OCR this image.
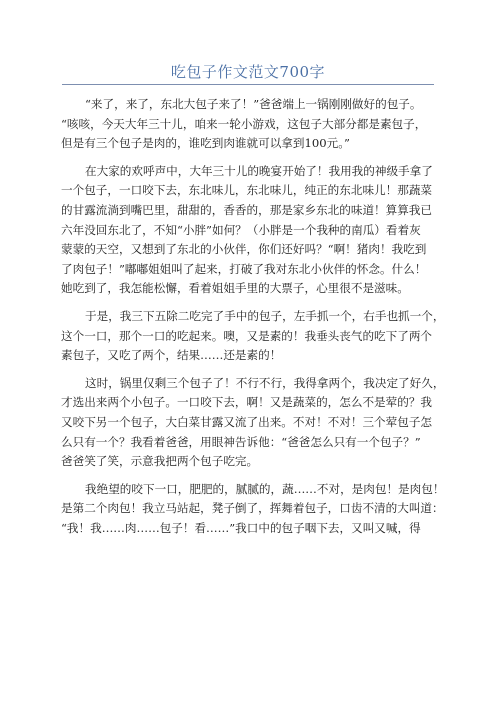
吃包子作文范文700字

“来了，来了，东北大包子来了！”爸爸端上一锅刚刚做好的包子。
“咳咳，今天大年三十儿，咱来一轮小游戏，这包子大部分都是素包子，
但是有三个包子是肉的，谁吃到肉谁就可以拿到100元。”

在大家的欢呼声中，大年三十儿的晚宴开始了！我用我的神级手拿了
一个包子，一口咬下去，东北味儿，东北味儿，纯正的东北味儿！那蔬菜
的甘露流淌到嘴巴里，甜甜的，香香的，那是家乡东北的味道！算算我已
六年没回东北了，不知“小胖”如何？（小胖是一个我种的南瓜）看着灰
蒙蒙的天空，又想到了东北的小伙伴，你们还好吗？“啊！猪肉！我吃到
了肉包子！”嘟嘟姐姐叫了起来，打破了我对东北小伙伴的怀念。什么！
她吃到了，我怎能松懈，看着姐姐手里的大票子，心里很不是滋味。

于是，我三下五除二吃完了手中的包子，左手抓一个，右手也抓一个，
这个一口，那个一口的吃起来。噢，又是素的！我垂头丧气的吃下了两个
素包子，又吃了两个，结果……还是素的！

这时，锅里仅剩三个包子了！不行不行，我得拿两个，我决定了好久，
才选出来两个小包子。一口咬下去，啊！又是蔬菜的，怎么不是荤的？我
又咬下另一个包子，大白菜甘露又流了出来。不对！不对！三个荤包子怎
么只有一个？我看着爸爸，用眼神告诉他：“爸爸怎么只有一个包子？”
爸爸笑了笑，示意我把两个包子吃完。

我绝望的咬下一口，肥肥的，腻腻的，蔬……不对，是肉包！是肉包！
是第二个肉包！我立马站起，凳子倒了，挥舞着包子，口齿不清的大叫道：
“我！我……肉……包子！看……”我口中的包子咽下去，又叫又喊，得
